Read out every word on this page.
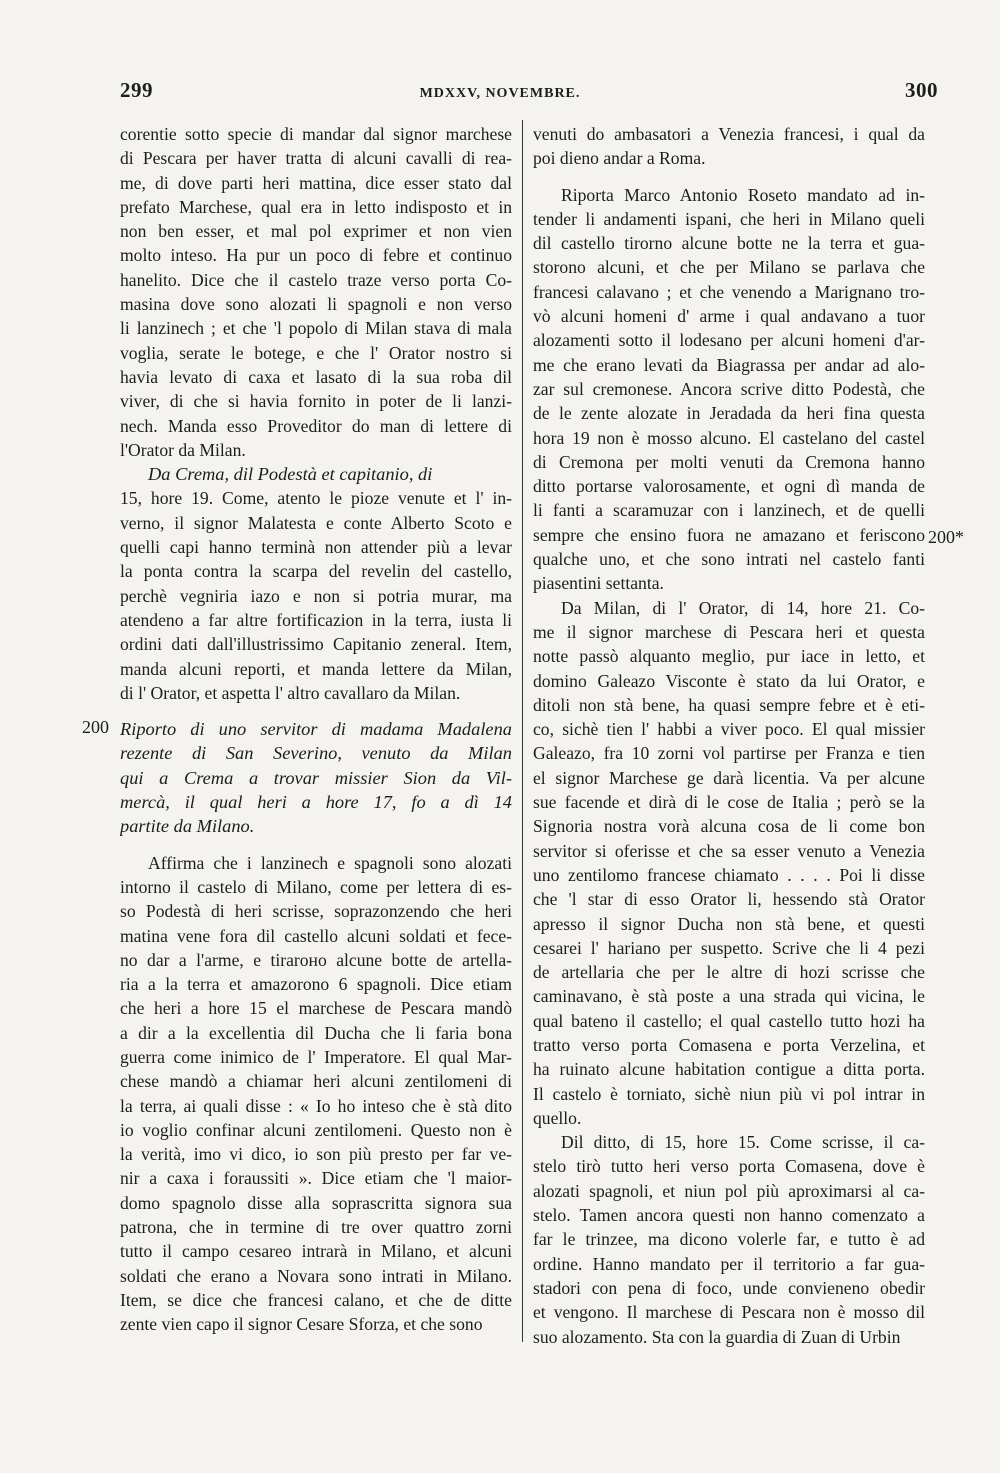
299	MDXXV, NOVEMBRE.	300
200
200*
corentie sotto specie di mandar dal signor marchese
di Pescara per haver tratta di alcuni cavalli di rea-
me, di dove parti heri mattina, dice esser stato dal
prefato Marchese, qual era in letto indisposto et in
non ben esser, et mal pol exprimer et non vien
molto inteso. Ha pur un poco di febre et continuo
hanelito. Dice che il castelo traze verso porta Co-
masina dove sono alozati li spagnoli e non verso
li lanzinech ; et che 'l popolo di Milan stava di mala
voglia, serate le botege, e che l' Orator nostro si
havia levato di caxa et lasato di la sua roba dil
viver, di che si havia fornito in poter de li lanzi-
nech. Manda esso Proveditor do man di lettere di
l'Orator da Milan.
Da Crema, dil Podestà et capitanio, di
15, hore 19. Come, atento le pioze venute et l' in-
verno, il signor Malatesta e conte Alberto Scoto e
quelli capi hanno terminà non attender più a levar
la ponta contra la scarpa del revelin del castello,
perchè vegniria iazo e non si potria murar, ma
atendeno a far altre fortificazion in la terra, iusta li
ordini dati dall'illustrissimo Capitanio zeneral. Item,
manda alcuni reporti, et manda lettere da Milan,
di l' Orator, et aspetta l' altro cavallaro da Milan.
Riporto di uno servitor di madama Madalena
rezente di San Severino, venuto da Milan
qui a Crema a trovar missier Sion da Vil-
mercà, il qual heri a hore 17, fo a dì 14
partite da Milano.
Affirma che i lanzinech e spagnoli sono alozati
intorno il castelo di Milano, come per lettera di es-
so Podestà di heri scrisse, soprazonzendo che heri
matina vene fora dil castello alcuni soldati et fece-
no dar a l'arme, e tiraroно alcune botte de artella-
ria a la terra et amazorono 6 spagnoli. Dice etiam
che heri a hore 15 el marchese de Pescara mandò
a dir a la excellentia dil Ducha che li faria bona
guerra come inimico de l' Imperatore. El qual Mar-
chese mandò a chiamar heri alcuni zentilomeni di
la terra, ai quali disse : « Io ho inteso che è stà dito
io voglio confinar alcuni zentilomeni. Questo non è
la verità, imo vi dico, io son più presto per far ve-
nir a caxa i foraussiti ». Dice etiam che 'l maior-
domo spagnolo disse alla soprascritta signora sua
patrona, che in termine di tre over quattro zorni
tutto il campo cesareo intrarà in Milano, et alcuni
soldati che erano a Novara sono intrati in Milano.
Item, se dice che francesi calano, et che de ditte
zente vien capo il signor Cesare Sforza, et che sono
venuti do ambasatori a Venezia francesi, i qual da
poi dieno andar a Roma.
Riporta Marco Antonio Roseto mandato ad in-
tender li andamenti ispani, che heri in Milano queli
dil castello tirorno alcune botte ne la terra et gua-
storono alcuni, et che per Milano se parlava che
francesi calavano ; et che venendo a Marignano tro-
vò alcuni homeni d' arme i qual andavano a tuor
alozamenti sotto il lodesano per alcuni homeni d'ar-
me che erano levati da Biagrassa per andar ad alo-
zar sul cremonese. Ancora scrive ditto Podestà, che
de le zente alozate in Jeradada da heri fina questa
hora 19 non è mosso alcuno. El castelano del castel
di Cremona per molti venuti da Cremona hanno
ditto portarse valorosamente, et ogni dì manda de
li fanti a scaramuzar con i lanzinech, et de quelli
sempre che ensino fuora ne amazano et feriscono
qualche uno, et che sono intrati nel castelo fanti
piasentini settanta.
Da Milan, di l' Orator, di 14, hore 21. Co-
me il signor marchese di Pescara heri et questa
notte passò alquanto meglio, pur iace in letto, et
domino Galeazo Visconte è stato da lui Orator, e
ditoli non stà bene, ha quasi sempre febre et è eti-
co, sichè tien l' habbi a viver poco. El qual missier
Galeazo, fra 10 zorni vol partirse per Franza e tien
el signor Marchese ge darà licentia. Va per alcune
sue facende et dirà di le cose de Italia ; però se la
Signoria nostra vorà alcuna cosa de li come bon
servitor si oferisse et che sa esser venuto a Venezia
uno zentilomo francese chiamato . . . . Poi li disse
che 'l star di esso Orator li, hessendo stà Orator
apresso il signor Ducha non stà bene, et questi
cesarei l' hariano per suspetto. Scrive che li 4 pezi
de artellaria che per le altre di hozi scrisse che
caminavano, è stà poste a una strada qui vicina, le
qual bateno il castello; el qual castello tutto hozi ha
tratto verso porta Comasena e porta Verzelina, et
ha ruinato alcune habitation contigue a ditta porta.
Il castelo è torniato, sichè niun più vi pol intrar in
quello.
Dil ditto, di 15, hore 15. Come scrisse, il ca-
stelo tirò tutto heri verso porta Comasena, dove è
alozati spagnoli, et niun pol più aproximarsi al ca-
stelo. Tamen ancora questi non hanno comenzato a
far le trinzee, ma dicono volerle far, e tutto è ad
ordine. Hanno mandato per il territorio a far gua-
stadori con pena di foco, unde convieneno obedir
et vengono. Il marchese di Pescara non è mosso dil
suo alozamento. Sta con la guardia di Zuan di Urbin
